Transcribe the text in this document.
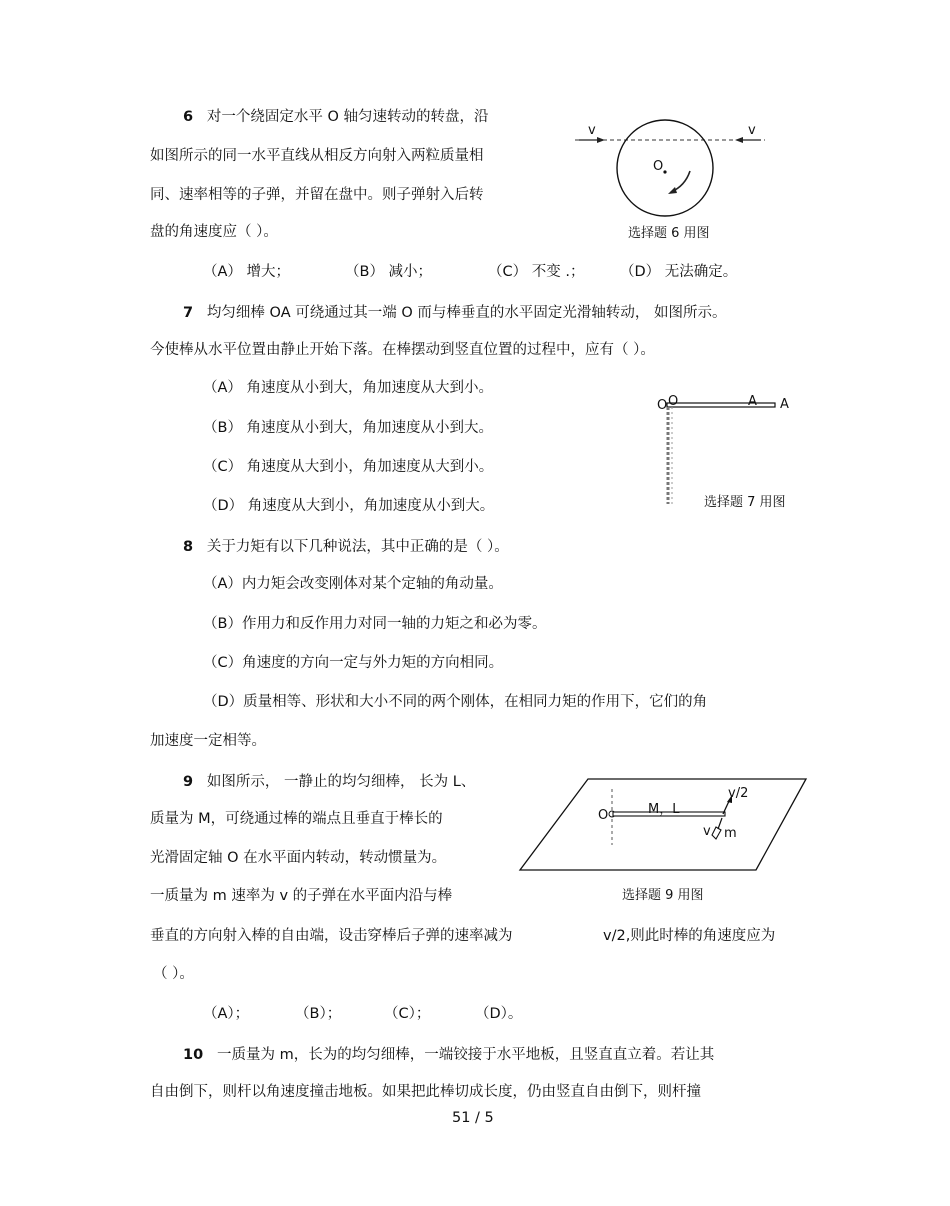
6 对一个绕固定水平 O 轴匀速转动的转盘，沿
如图所示的同一水平直线从相反方向射入两粒质量相
同、速率相等的子弹，并留在盘中。则子弹射入后转
盘的角速度应（ ）。
v	v
O
选择题 6 用图
（A） 增大；	（B） 减小；	（C） 不变 .； （D） 无法确定。
7 均匀细棒 OA 可绕通过其一端 O 而与棒垂直的水平固定光滑轴转动， 如图所示。
今使棒从水平位置由静止开始下落。在棒摆动到竖直位置的过程中，应有（ ）。
（A） 角速度从小到大，角加速度从大到小。
（B） 角速度从小到大，角加速度从小到大。
（C） 角速度从大到小，角加速度从大到小。
（D） 角速度从大到小，角加速度从小到大。
O O	A A
选择题 7 用图
8 关于力矩有以下几种说法，其中正确的是（ ）。
（A）内力矩会改变刚体对某个定轴的角动量。
（B）作用力和反作用力对同一轴的力矩之和必为零。
（C）角速度的方向一定与外力矩的方向相同。
（D）质量相等、形状和大小不同的两个刚体，在相同力矩的作用下，它们的角
加速度一定相等。
9 如图所示， 一静止的均匀细棒， 长为 L、
质量为 M，可绕通过棒的端点且垂直于棒长的
光滑固定轴 O 在水平面内转动，转动惯量为。
一质量为 m 速率为 v 的子弹在水平面内沿与棒
垂直的方向射入棒的自由端，设击穿棒后子弹的速率减为	v/2,则此时棒的角速度应为
（ ）。
M，L
v/2
O
v m
选择题 9 用图
（A）；	（B）；	（C）；	（D）。
10 一质量为 m，长为的均匀细棒，一端铰接于水平地板，且竖直直立着。若让其
自由倒下，则杆以角速度撞击地板。如果把此棒切成长度，仍由竖直自由倒下，则杆撞
51 / 5
